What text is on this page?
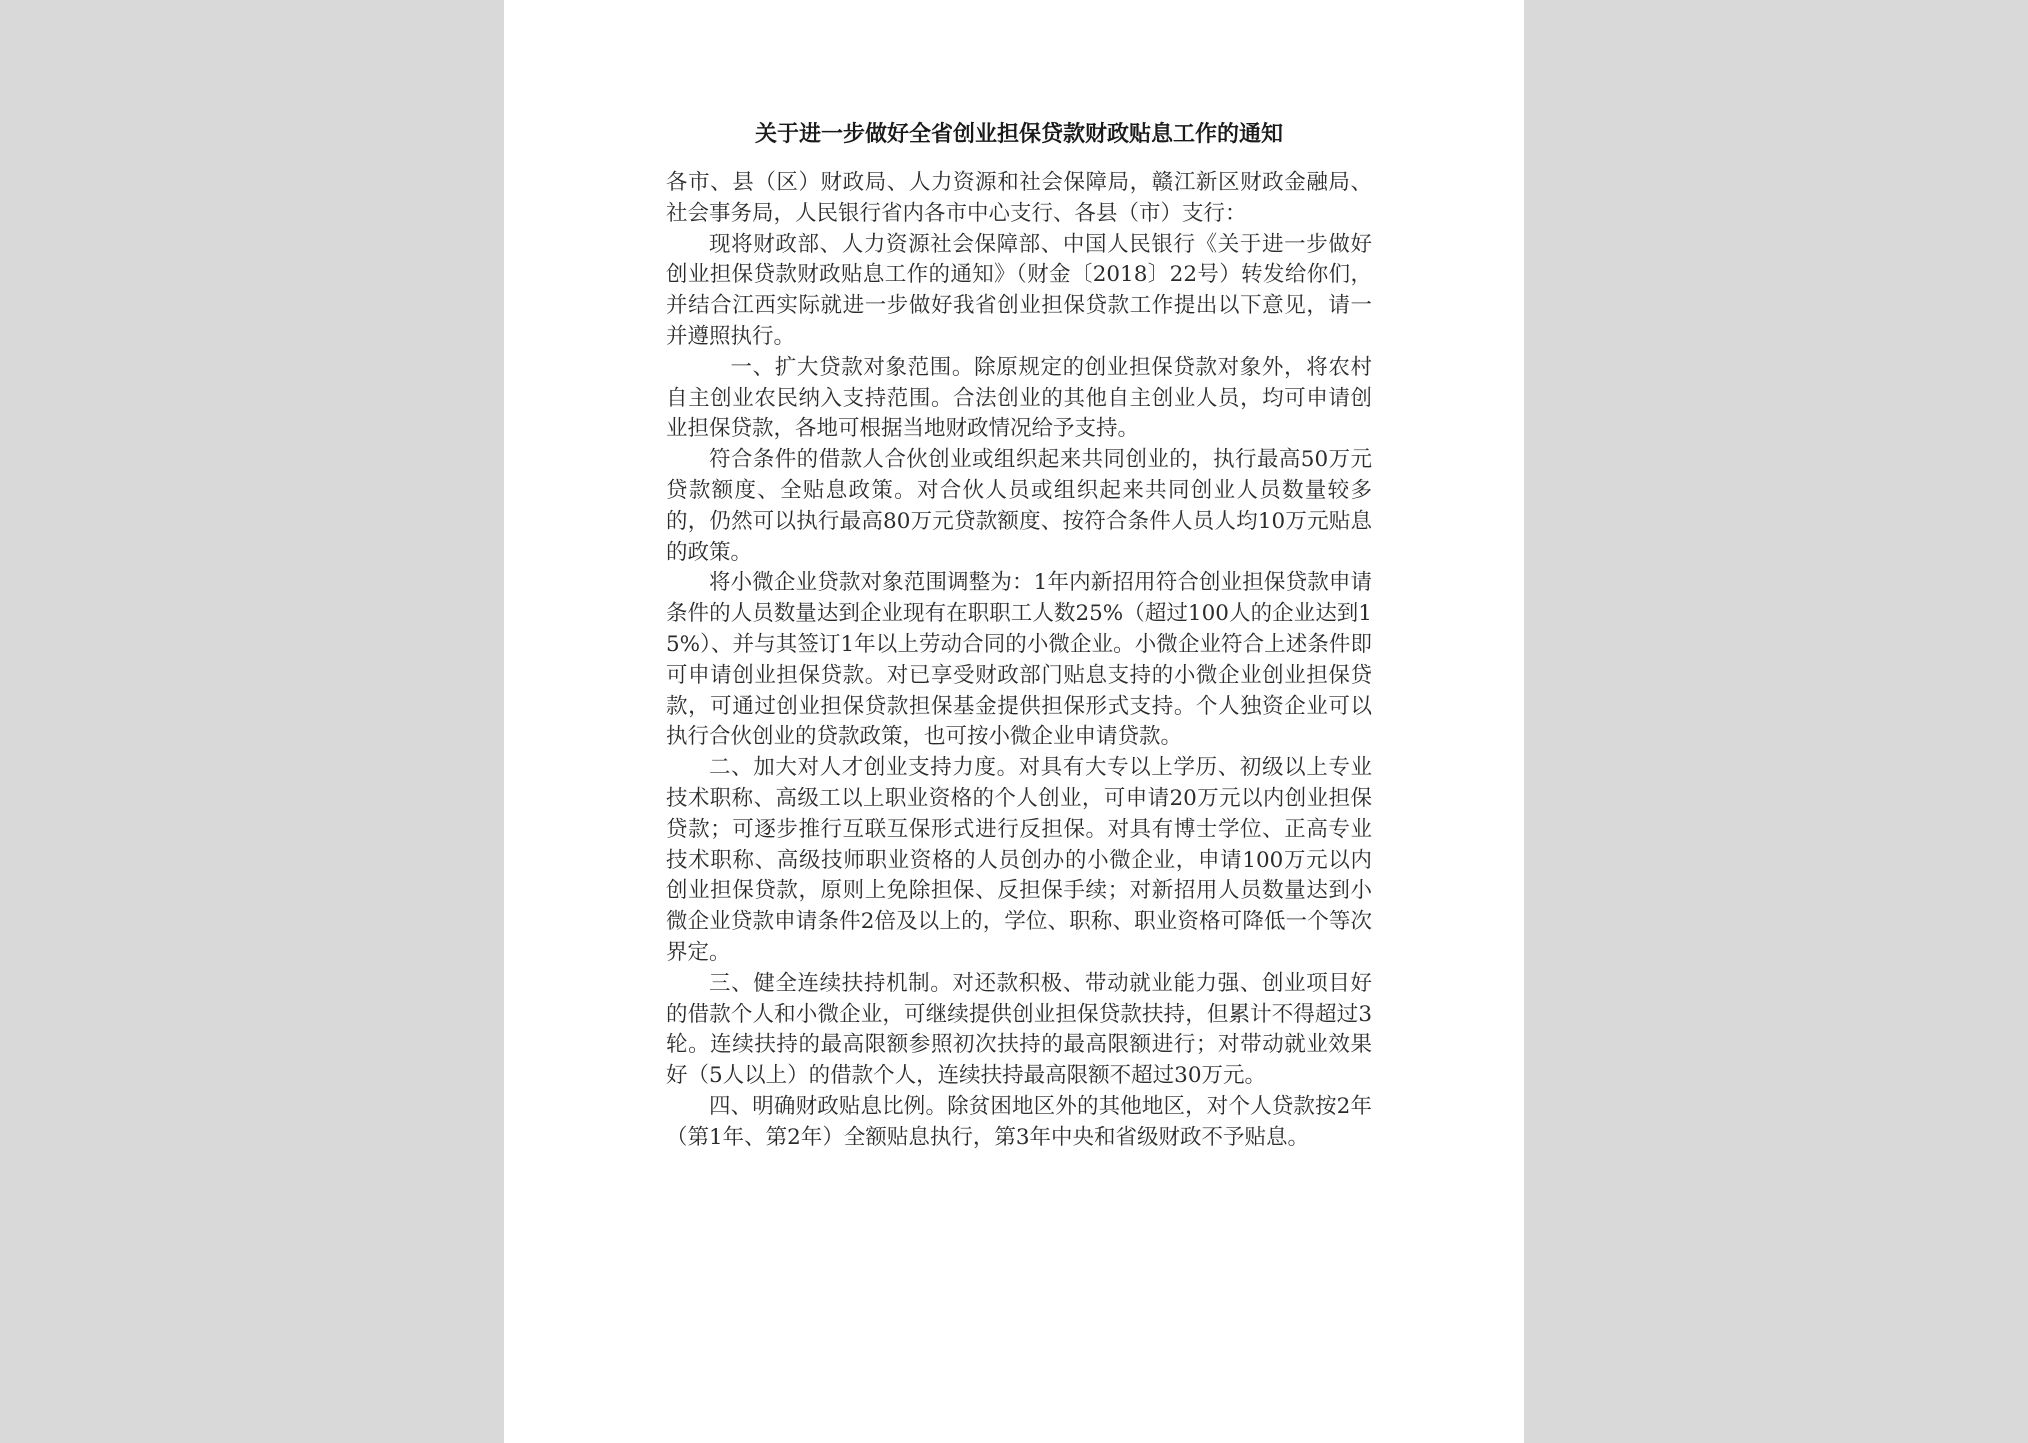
关于进一步做好全省创业担保贷款财政贴息工作的通知

各市、县（区）财政局、人力资源和社会保障局，赣江新区财政金融局、社会事务局，人民银行省内各市中心支行、各县（市）支行：

现将财政部、人力资源社会保障部、中国人民银行《关于进一步做好创业担保贷款财政贴息工作的通知》（财金〔2018〕22号）转发给你们，并结合江西实际就进一步做好我省创业担保贷款工作提出以下意见，请一并遵照执行。

一、扩大贷款对象范围。除原规定的创业担保贷款对象外，将农村自主创业农民纳入支持范围。合法创业的其他自主创业人员，均可申请创业担保贷款，各地可根据当地财政情况给予支持。

符合条件的借款人合伙创业或组织起来共同创业的，执行最高50万元贷款额度、全贴息政策。对合伙人员或组织起来共同创业人员数量较多的，仍然可以执行最高80万元贷款额度、按符合条件人员人均10万元贴息的政策。

将小微企业贷款对象范围调整为：1年内新招用符合创业担保贷款申请条件的人员数量达到企业现有在职职工人数25%（超过100人的企业达到15%）、并与其签订1年以上劳动合同的小微企业。小微企业符合上述条件即可申请创业担保贷款。对已享受财政部门贴息支持的小微企业创业担保贷款，可通过创业担保贷款担保基金提供担保形式支持。个人独资企业可以执行合伙创业的贷款政策，也可按小微企业申请贷款。

二、加大对人才创业支持力度。对具有大专以上学历、初级以上专业技术职称、高级工以上职业资格的个人创业，可申请20万元以内创业担保贷款；可逐步推行互联互保形式进行反担保。对具有博士学位、正高专业技术职称、高级技师职业资格的人员创办的小微企业，申请100万元以内创业担保贷款，原则上免除担保、反担保手续；对新招用人员数量达到小微企业贷款申请条件2倍及以上的，学位、职称、职业资格可降低一个等次界定。

三、健全连续扶持机制。对还款积极、带动就业能力强、创业项目好的借款个人和小微企业，可继续提供创业担保贷款扶持，但累计不得超过3轮。连续扶持的最高限额参照初次扶持的最高限额进行；对带动就业效果好（5人以上）的借款个人，连续扶持最高限额不超过30万元。

四、明确财政贴息比例。除贫困地区外的其他地区，对个人贷款按2年（第1年、第2年）全额贴息执行，第3年中央和省级财政不予贴息。
